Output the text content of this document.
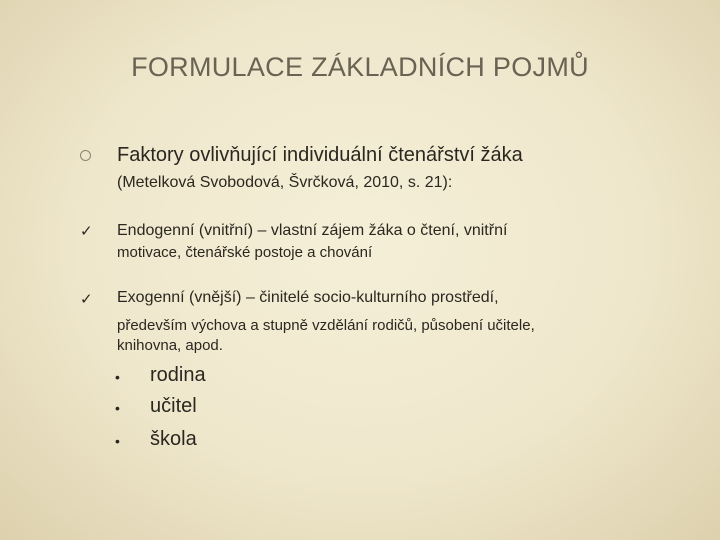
FORMULACE ZÁKLADNÍCH POJMŮ
Faktory ovlivňující individuální čtenářství žáka
(Metelková Svobodová, Švrčková, 2010, s. 21):
✓ Endogenní (vnitřní) – vlastní zájem žáka o čtení, vnitřní
motivace, čtenářské postoje a chování
✓ Exogenní (vnější) – činitelé socio-kulturního prostředí,
především výchova a stupně vzdělání rodičů, působení učitele,
knihovna, apod.
• rodina
• učitel
• škola
